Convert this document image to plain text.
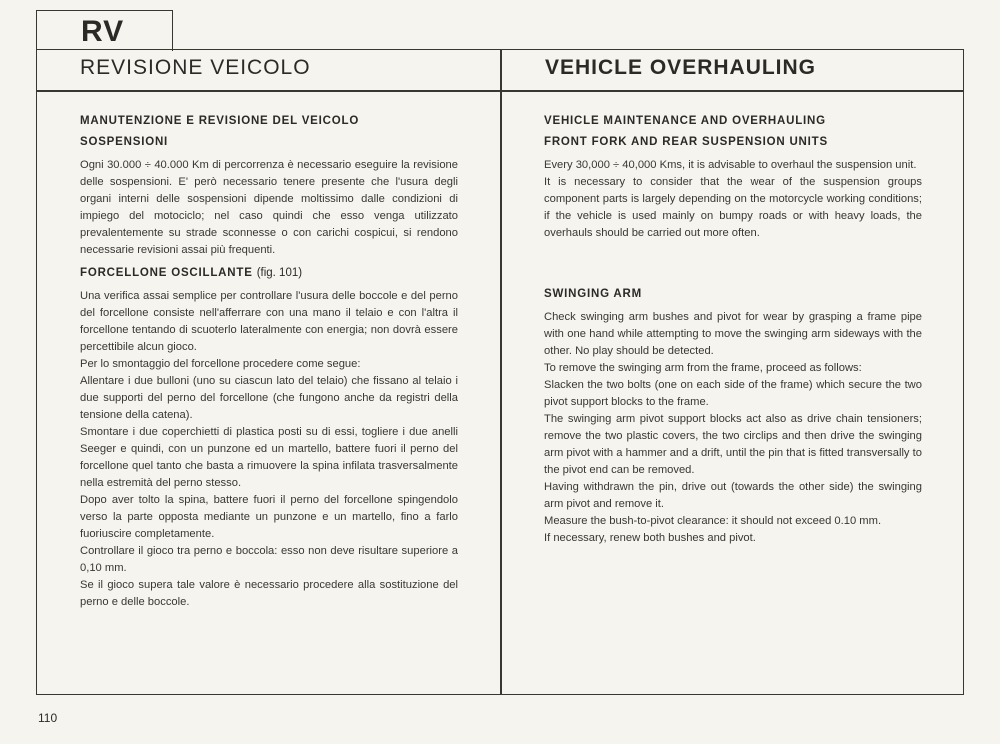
RV
REVISIONE VEICOLO	VEHICLE OVERHAULING
MANUTENZIONE E REVISIONE DEL VEICOLO
SOSPENSIONI

Ogni 30.000 ÷ 40.000 Km di percorrenza è necessario eseguire la revisione delle sospensioni. E' però necessario tenere presente che l'usura degli organi interni delle sospensioni dipende moltissimo dalle condizioni di impiego del motociclo; nel caso quindi che esso venga utilizzato prevalentemente su strade sconnesse o con carichi cospicui, si rendono necessarie revisioni assai più frequenti.

FORCELLONE OSCILLANTE (fig. 101)

Una verifica assai semplice per controllare l'usura delle boccole e del perno del forcellone consiste nell'afferrare con una mano il telaio e con l'altra il forcellone tentando di scuoterlo lateralmente con energia; non dovrà essere percettibile alcun gioco.

Per lo smontaggio del forcellone procedere come segue:

Allentare i due bulloni (uno su ciascun lato del telaio) che fissano al telaio i due supporti del perno del forcellone (che fungono anche da registri della tensione della catena).

Smontare i due coperchietti di plastica posti su di essi, togliere i due anelli Seeger e quindi, con un punzone ed un martello, battere fuori il perno del forcellone quel tanto che basta a rimuovere la spina infilata trasversalmente nella estremità del perno stesso.

Dopo aver tolto la spina, battere fuori il perno del forcellone spingendolo verso la parte opposta mediante un punzone e un martello, fino a farlo fuoriuscire completamente.

Controllare il gioco tra perno e boccola: esso non deve risultare superiore a 0,10 mm.

Se il gioco supera tale valore è necessario procedere alla sostituzione del perno e delle boccole.

VEHICLE MAINTENANCE AND OVERHAULING
FRONT FORK AND REAR SUSPENSION UNITS

Every 30,000 ÷ 40,000 Kms, it is advisable to overhaul the suspension unit.

It is necessary to consider that the wear of the suspension groups component parts is largely depending on the motorcycle working conditions; if the vehicle is used mainly on bumpy roads or with heavy loads, the overhauls should be carried out more often.

SWINGING ARM

Check swinging arm bushes and pivot for wear by grasping a frame pipe with one hand while attempting to move the swinging arm sideways with the other. No play should be detected.

To remove the swinging arm from the frame, proceed as follows:

Slacken the two bolts (one on each side of the frame) which secure the two pivot support blocks to the frame.

The swinging arm pivot support blocks act also as drive chain tensioners; remove the two plastic covers, the two circlips and then drive the swinging arm pivot with a hammer and a drift, until the pin that is fitted transversally to the pivot end can be removed.

Having withdrawn the pin, drive out (towards the other side) the swinging arm pivot and remove it.

Measure the bush-to-pivot clearance: it should not exceed 0.10 mm.

If necessary, renew both bushes and pivot.

110
